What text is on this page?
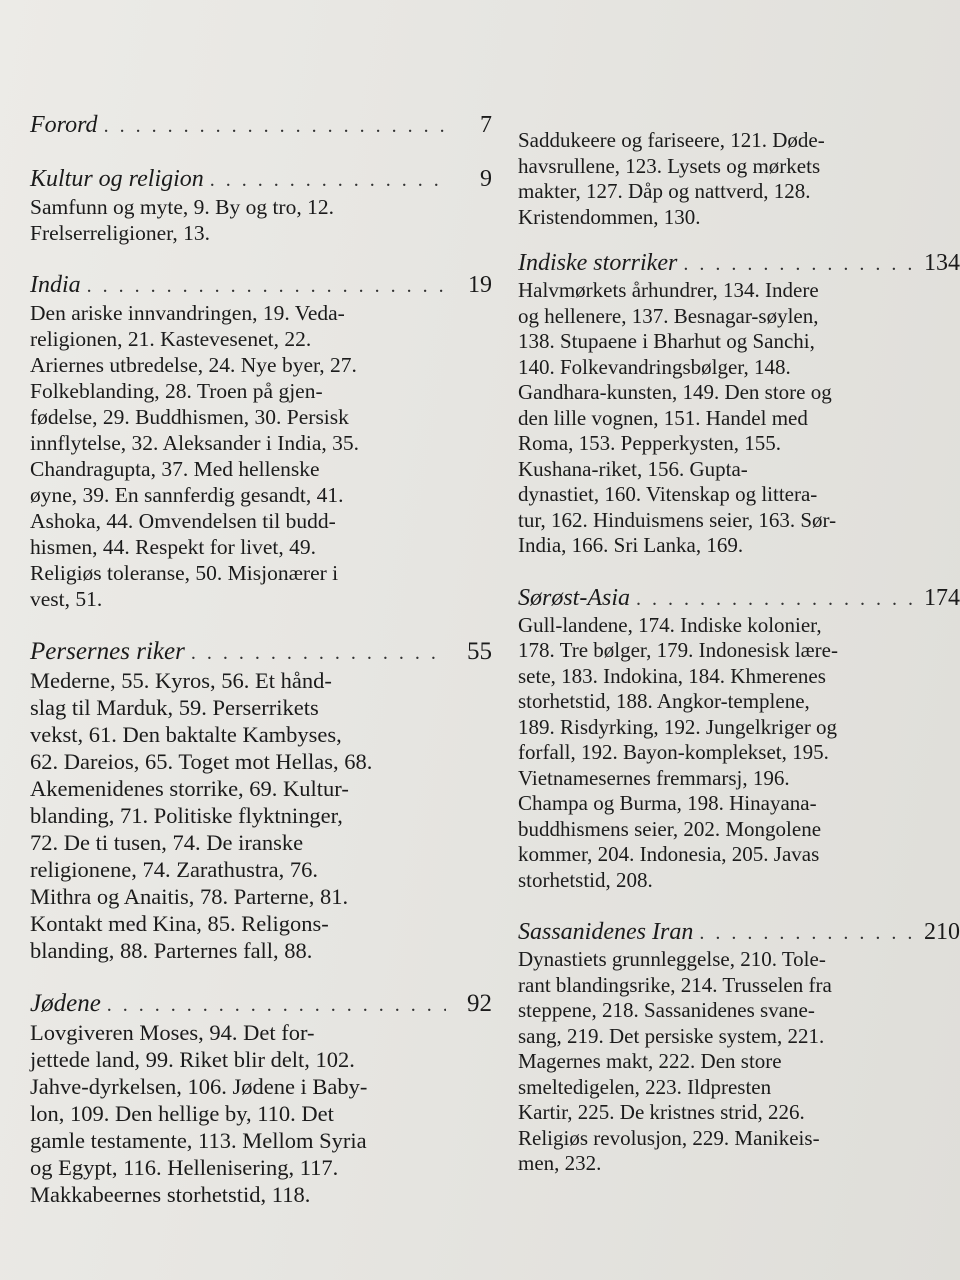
Forord . . .	7
Kultur og religion . . .	9

Samfunn og myte, 9. By og tro, 12.
Frelserreligioner, 13.

India . . .	19

Den ariske innvandringen, 19. Veda-
religionen, 21. Kastevesenet, 22.
Ariernes utbredelse, 24. Nye byer, 27.
Folkeblanding, 28. Troen på gjen-
fødelse, 29. Buddhismen, 30. Persisk
innflytelse, 32. Aleksander i India, 35.
Chandragupta, 37. Med hellenske
øyne, 39. En sannferdig gesandt, 41.
Ashoka, 44. Omvendelsen til budd-
hismen, 44. Respekt for livet, 49.
Religiøs toleranse, 50. Misjonærer i
vest, 51.

Persernes riker . . .	55

Mederne, 55. Kyros, 56. Et hånd-
slag til Marduk, 59. Perserrikets
vekst, 61. Den baktalte Kambyses,
62. Dareios, 65. Toget mot Hellas, 68.
Akemenidenes storrike, 69. Kultur-
blanding, 71. Politiske flyktninger,
72. De ti tusen, 74. De iranske
religionene, 74. Zarathustra, 76.
Mithra og Anaitis, 78. Parterne, 81.
Kontakt med Kina, 85. Religons-
blanding, 88. Parternes fall, 88.

Jødene . . .	92

Lovgiveren Moses, 94. Det for-
jettede land, 99. Riket blir delt, 102.
Jahve-dyrkelsen, 106. Jødene i Baby-
lon, 109. Den hellige by, 110. Det
gamle testamente, 113. Mellom Syria
og Egypt, 116. Hellenisering, 117.
Makkabeernes storhetstid, 118.

Saddukeere og fariseere, 121. Døde-
havsrullene, 123. Lysets og mørkets
makter, 127. Dåp og nattverd, 128.
Kristendommen, 130.

Indiske storriker . . .	134

Halvmørkets århundrer, 134. Indere
og hellenere, 137. Besnagar-søylen,
138. Stupaene i Bharhut og Sanchi,
140. Folkevandringsbølger, 148.
Gandhara-kunsten, 149. Den store og
den lille vognen, 151. Handel med
Roma, 153. Pepperkysten, 155.
Kushana-riket, 156. Gupta-
dynastiet, 160. Vitenskap og littera-
tur, 162. Hinduismens seier, 163. Sør-
India, 166. Sri Lanka, 169.

Sørøst-Asia . . .	174

Gull-landene, 174. Indiske kolonier,
178. Tre bølger, 179. Indonesisk lære-
sete, 183. Indokina, 184. Khmerenes
storhetstid, 188. Angkor-templene,
189. Risdyrking, 192. Jungelkriger og
forfall, 192. Bayon-komplekset, 195.
Vietnamesernes fremmarsj, 196.
Champa og Burma, 198. Hinayana-
buddhismens seier, 202. Mongolene
kommer, 204. Indonesia, 205. Javas
storhetstid, 208.

Sassanidenes Iran . . .	210

Dynastiets grunnleggelse, 210. Tole-
rant blandingsrike, 214. Trusselen fra
steppene, 218. Sassanidenes svane-
sang, 219. Det persiske system, 221.
Magernes makt, 222. Den store
smeltedigelen, 223. Ildpresten
Kartir, 225. De kristnes strid, 226.
Religiøs revolusjon, 229. Manikeis-
men, 232.
